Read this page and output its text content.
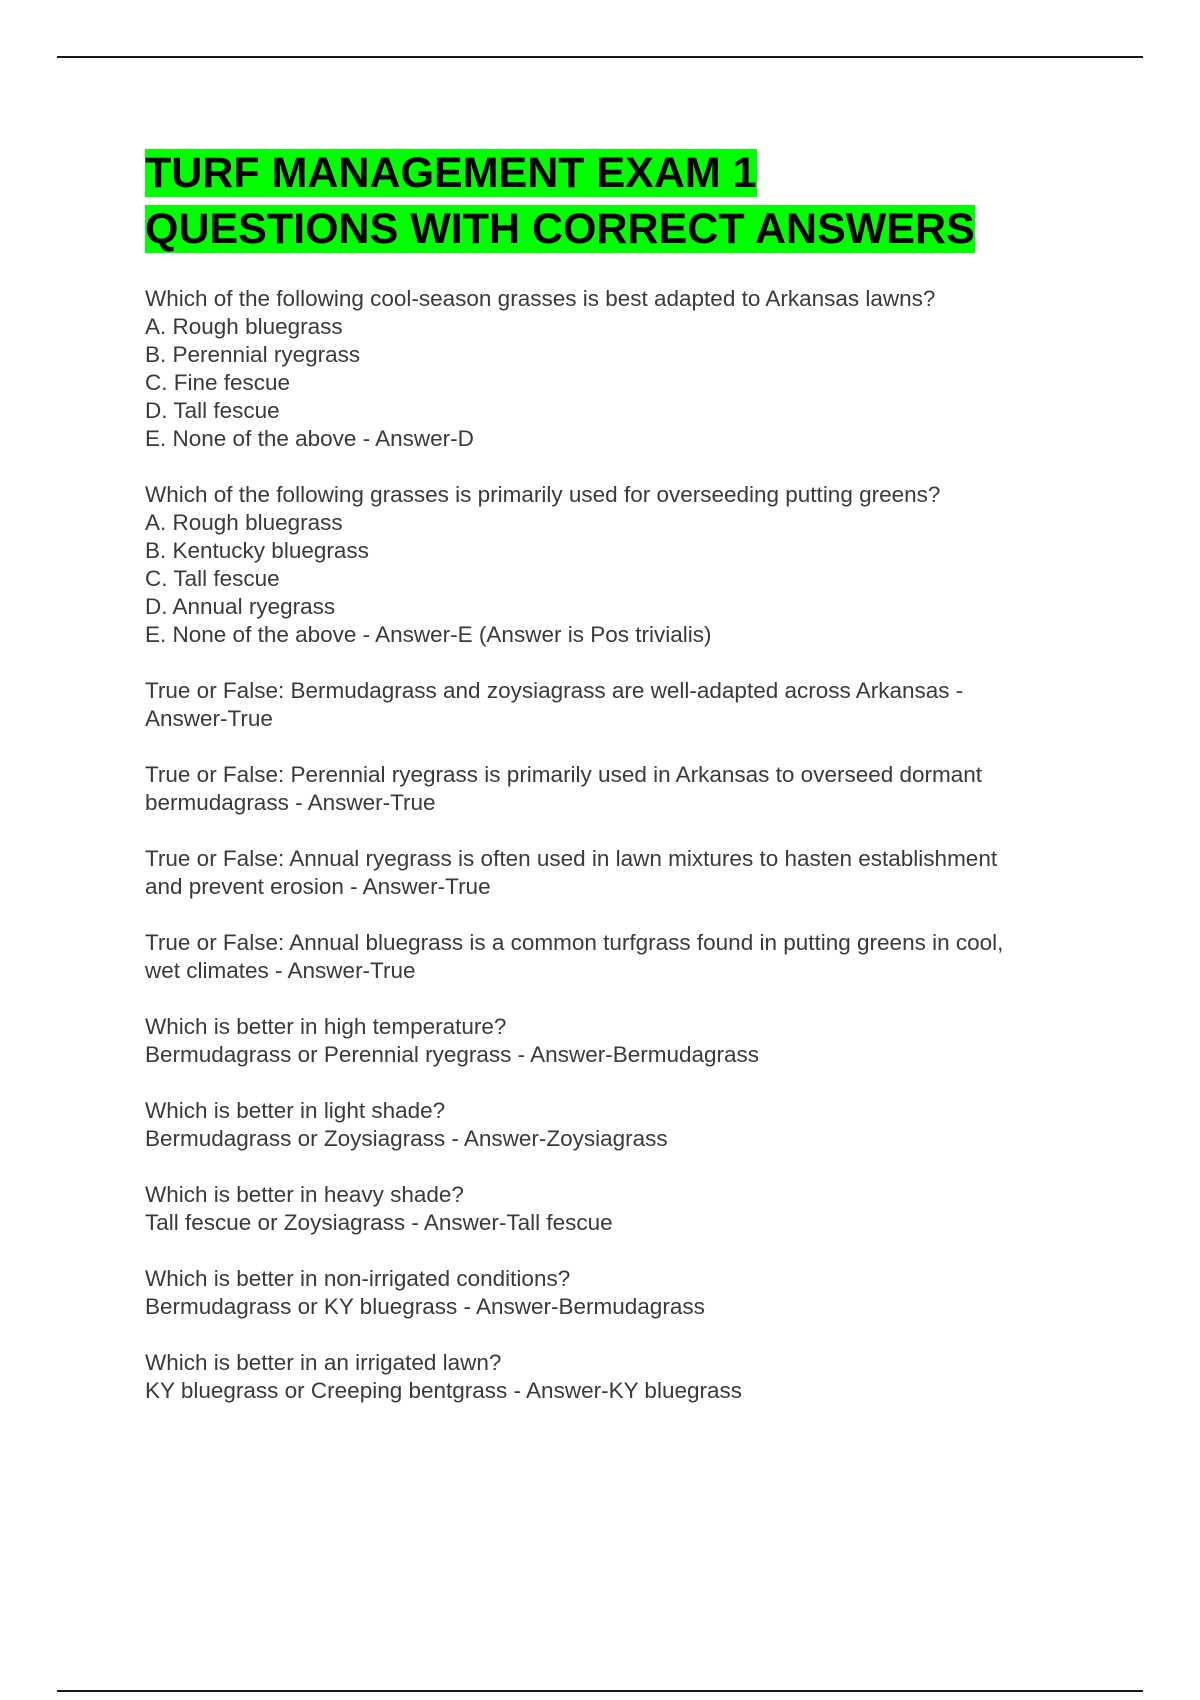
TURF MANAGEMENT EXAM 1
QUESTIONS WITH CORRECT ANSWERS
Which of the following cool-season grasses is best adapted to Arkansas lawns?
A. Rough bluegrass
B. Perennial ryegrass
C. Fine fescue
D. Tall fescue
E. None of the above - Answer-D
Which of the following grasses is primarily used for overseeding putting greens?
A. Rough bluegrass
B. Kentucky bluegrass
C. Tall fescue
D. Annual ryegrass
E. None of the above - Answer-E (Answer is Pos trivialis)
True or False: Bermudagrass and zoysiagrass are well-adapted across Arkansas -
Answer-True
True or False: Perennial ryegrass is primarily used in Arkansas to overseed dormant
bermudagrass - Answer-True
True or False: Annual ryegrass is often used in lawn mixtures to hasten establishment
and prevent erosion - Answer-True
True or False: Annual bluegrass is a common turfgrass found in putting greens in cool,
wet climates - Answer-True
Which is better in high temperature?
Bermudagrass or Perennial ryegrass - Answer-Bermudagrass
Which is better in light shade?
Bermudagrass or Zoysiagrass - Answer-Zoysiagrass
Which is better in heavy shade?
Tall fescue or Zoysiagrass - Answer-Tall fescue
Which is better in non-irrigated conditions?
Bermudagrass or KY bluegrass - Answer-Bermudagrass
Which is better in an irrigated lawn?
KY bluegrass or Creeping bentgrass - Answer-KY bluegrass
